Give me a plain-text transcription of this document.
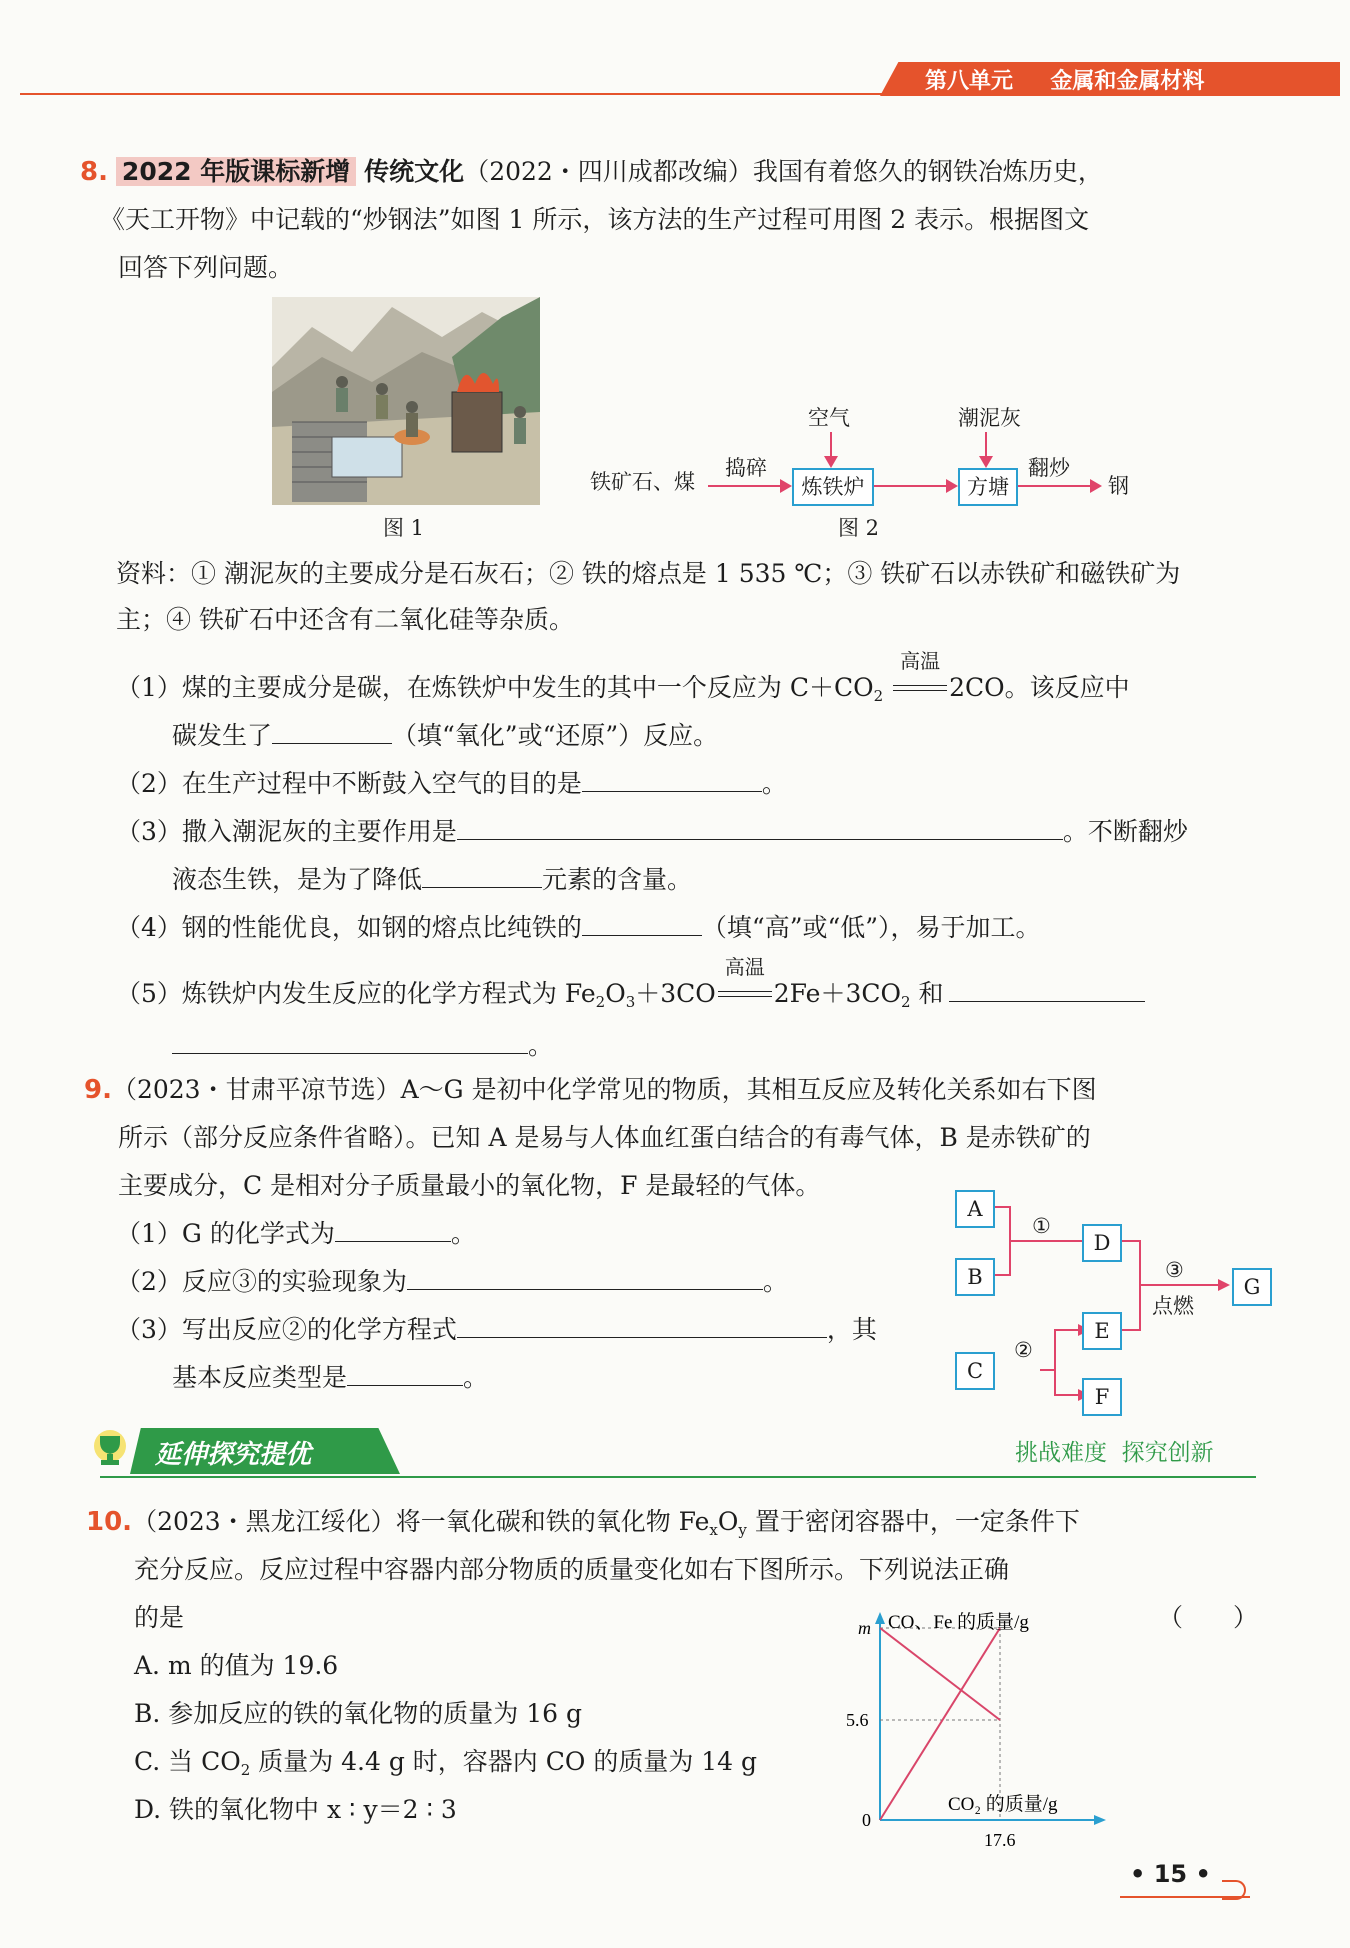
第八单元 金属和金属材料
8. 2022 年版课标新增 传统文化（2022・四川成都改编）我国有着悠久的钢铁冶炼历史，
《天工开物》中记载的“炒钢法”如图 1 所示，该方法的生产过程可用图 2 表示。根据图文
回答下列问题。
图 1
铁矿石、煤
捣碎
炼铁炉
空气
方塘
潮泥灰
翻炒
钢
图 2
资料：① 潮泥灰的主要成分是石灰石；② 铁的熔点是 1 535 ℃；③ 铁矿石以赤铁矿和磁铁矿为
主；④ 铁矿石中还含有二氧化硅等杂质。
（1）煤的主要成分是碳，在炼铁炉中发生的其中一个反应为 $C+CO_2$
高温
2CO。该反应中
碳发生了	（填“氧化”或“还原”）反应。
（2）在生产过程中不断鼓入空气的目的是	。
（3）撒入潮泥灰的主要作用是	。不断翻炒
液态生铁，是为了降低	元素的含量。
（4）钢的性能优良，如钢的熔点比纯铁的	（填“高”或“低”），易于加工。
（5）炼铁炉内发生反应的化学方程式为 $Fe_2O_3+3CO$
高温
$2Fe+3CO_2$ 和
。
9.（2023・甘肃平凉节选）A～G 是初中化学常见的物质，其相互反应及转化关系如右下图
所示（部分反应条件省略）。已知 A 是易与人体血红蛋白结合的有毒气体，B 是赤铁矿的
主要成分，C 是相对分子质量最小的氧化物，F 是最轻的气体。
（1）G 的化学式为	。
（2）反应③的实验现象为	。
（3）写出反应②的化学方程式	，其
基本反应类型是	。
A
B
C
D
E
F
G
①
②
③
点燃
延伸探究提优	挑战难度  探究创新
10.（2023・黑龙江绥化）将一氧化碳和铁的氧化物 $Fe_xO_y$ 置于密闭容器中，一定条件下
充分反应。反应过程中容器内部分物质的质量变化如右下图所示。下列说法正确
的是	（　　）
A. m 的值为 19.6
B. 参加反应的铁的氧化物的质量为 16 g
C. 当 $CO_2$ 质量为 4.4 g 时，容器内 CO 的质量为 14 g
D. 铁的氧化物中 x ∶ y＝2 ∶ 3
CO、Fe 的质量/g
CO₂ 的质量/g
m
5.6
0
17.6
• 15 •
